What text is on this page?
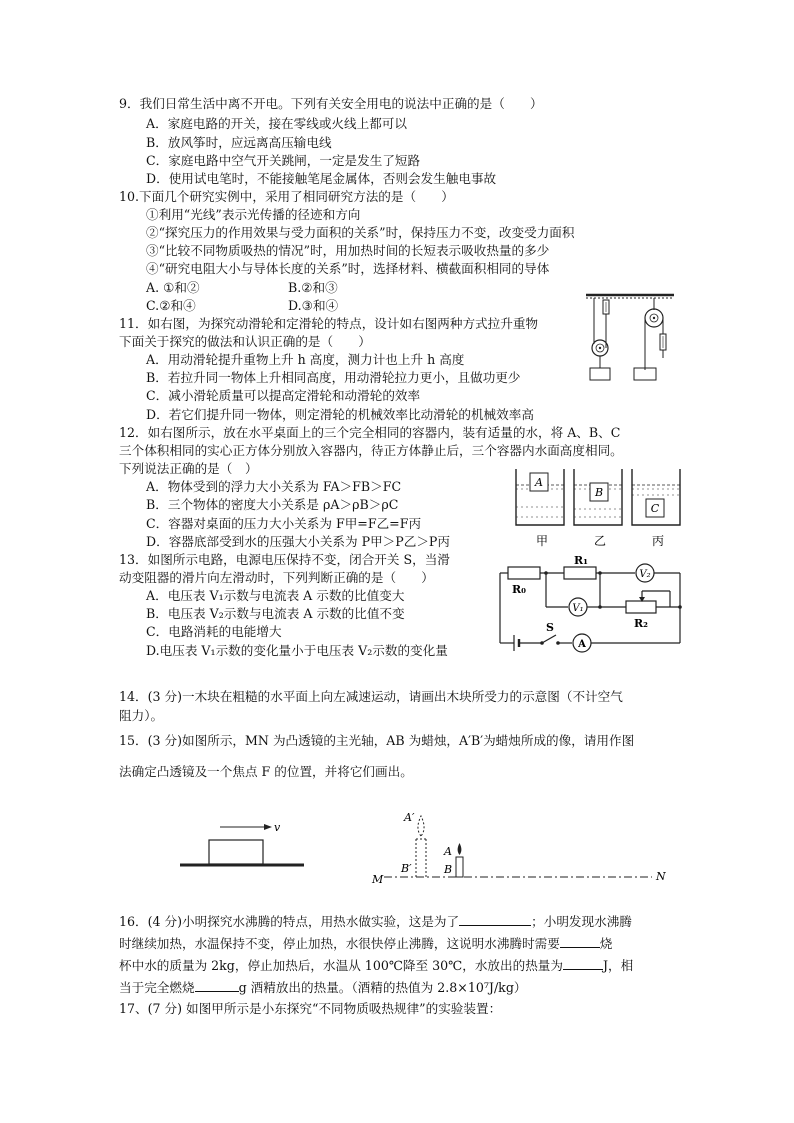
9．我们日常生活中离不开电。下列有关安全用电的说法中正确的是（　　）
A．家庭电路的开关，接在零线或火线上都可以
B．放风筝时，应远离高压输电线
C．家庭电路中空气开关跳闸，一定是发生了短路
D．使用试电笔时，不能接触笔尾金属体，否则会发生触电事故
10.下面几个研究实例中，采用了相同研究方法的是（　　）
①利用“光线”表示光传播的径迹和方向
②“探究压力的作用效果与受力面积的关系”时，保持压力不变，改变受力面积
③“比较不同物质吸热的情况”时，用加热时间的长短表示吸收热量的多少
④“研究电阻大小与导体长度的关系”时，选择材料、横截面积相同的导体
A. ①和②	B.②和③
C.②和④	D.③和④
11．如右图，为探究动滑轮和定滑轮的特点，设计如右图两种方式拉升重物
下面关于探究的做法和认识正确的是（　　）
A．用动滑轮提升重物上升 h 高度，测力计也上升 h 高度
B．若拉升同一物体上升相同高度，用动滑轮拉力更小，且做功更少
C．减小滑轮质量可以提高定滑轮和动滑轮的效率
D．若它们提升同一物体，则定滑轮的机械效率比动滑轮的机械效率高
12．如右图所示，放在水平桌面上的三个完全相同的容器内，装有适量的水，将 A、B、C
三个体积相同的实心正方体分别放入容器内，待正方体静止后，三个容器内水面高度相同。
下列说法正确的是（　）
A．物体受到的浮力大小关系为 FA＞FB＞FC
B．三个物体的密度大小关系是 ρA＞ρB＞ρC
C．容器对桌面的压力大小关系为 F甲=F乙=F丙
D．容器底部受到水的压强大小关系为 P甲＞P乙＞P丙
A
甲
B
乙
C
丙
13．如图所示电路，电源电压保持不变，闭合开关 S，当滑
动变阻器的滑片向左滑动时，下列判断正确的是（　　）
A．电压表 V₁示数与电流表 A 示数的比值变大
B．电压表 V₂示数与电流表 A 示数的比值不变
C．电路消耗的电能增大
D.电压表 V₁示数的变化量小于电压表 V₂示数的变化量
R₀
R₁
V₂
V₁
R₂
S
A
14．(3 分)一木块在粗糙的水平面上向左减速运动，请画出木块所受力的示意图（不计空气
阻力）。
15．(3 分)如图所示，MN 为凸透镜的主光轴，AB 为蜡烛，A′B′为蜡烛所成的像，请用作图
法确定凸透镜及一个焦点 F 的位置，并将它们画出。
v
M	N
A′
B′
A
B
16．(4 分)小明探究水沸腾的特点，用热水做实验，这是为了	；小明发现水沸腾
时继续加热，水温保持不变，停止加热，水很快停止沸腾，这说明水沸腾时需要	烧
杯中水的质量为 2kg，停止加热后，水温从 100℃降至 30℃，水放出的热量为	J，相
当于完全燃烧	g 酒精放出的热量。（酒精的热值为 2.8×10⁷J/kg）
17、(7 分) 如图甲所示是小东探究“不同物质吸热规律”的实验装置：
